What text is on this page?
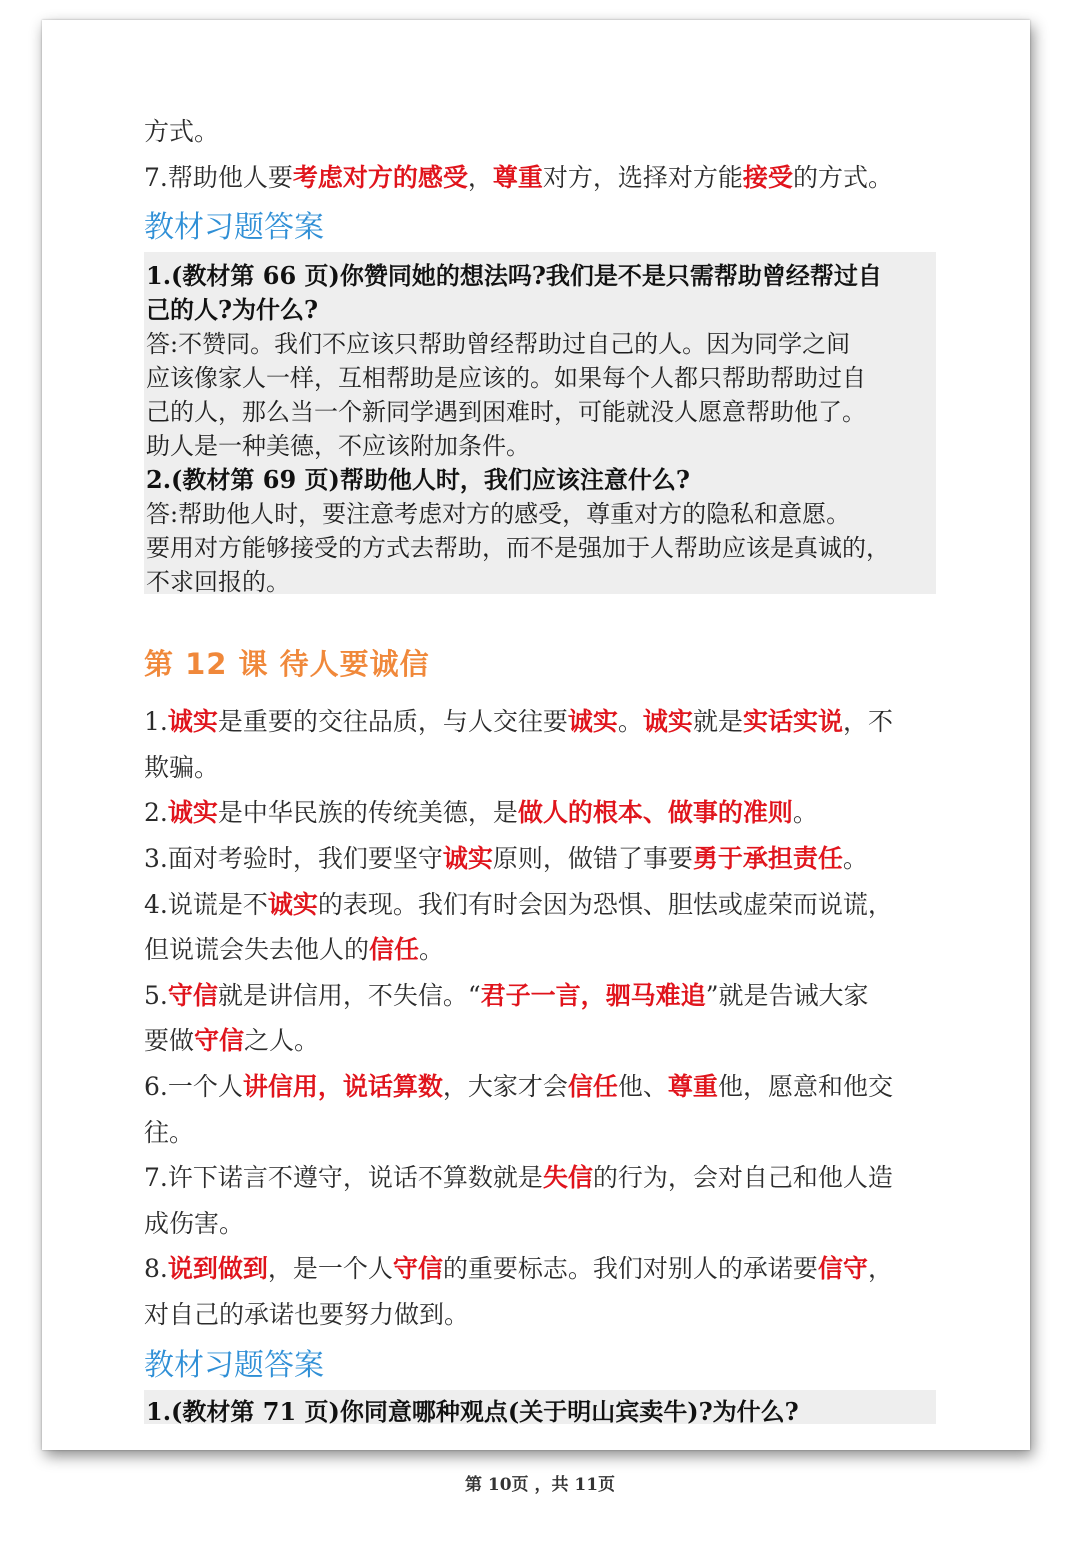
方式。
7.帮助他人要考虑对方的感受，尊重对方，选择对方能接受的方式。
教材习题答案
1.(教材第 66 页)你赞同她的想法吗?我们是不是只需帮助曾经帮过自
己的人?为什么?
答:不赞同。我们不应该只帮助曾经帮助过自己的人。因为同学之间
应该像家人一样，互相帮助是应该的。如果每个人都只帮助帮助过自
己的人，那么当一个新同学遇到困难时，可能就没人愿意帮助他了。
助人是一种美德，不应该附加条件。
2.(教材第 69 页)帮助他人时，我们应该注意什么?
答:帮助他人时，要注意考虑对方的感受，尊重对方的隐私和意愿。
要用对方能够接受的方式去帮助，而不是强加于人帮助应该是真诚的，
不求回报的。
第 12 课 待人要诚信
1.诚实是重要的交往品质，与人交往要诚实。诚实就是实话实说，不
欺骗。
2.诚实是中华民族的传统美德，是做人的根本、做事的准则。
3.面对考验时，我们要坚守诚实原则，做错了事要勇于承担责任。
4.说谎是不诚实的表现。我们有时会因为恐惧、胆怯或虚荣而说谎，
但说谎会失去他人的信任。
5.守信就是讲信用，不失信。“君子一言，驷马难追”就是告诫大家
要做守信之人。
6.一个人讲信用，说话算数，大家才会信任他、尊重他，愿意和他交
往。
7.许下诺言不遵守，说话不算数就是失信的行为，会对自己和他人造
成伤害。
8.说到做到，是一个人守信的重要标志。我们对别人的承诺要信守，
对自己的承诺也要努力做到。
教材习题答案
1.(教材第 71 页)你同意哪种观点(关于明山宾卖牛)?为什么?
第 10页 ，共 11页
